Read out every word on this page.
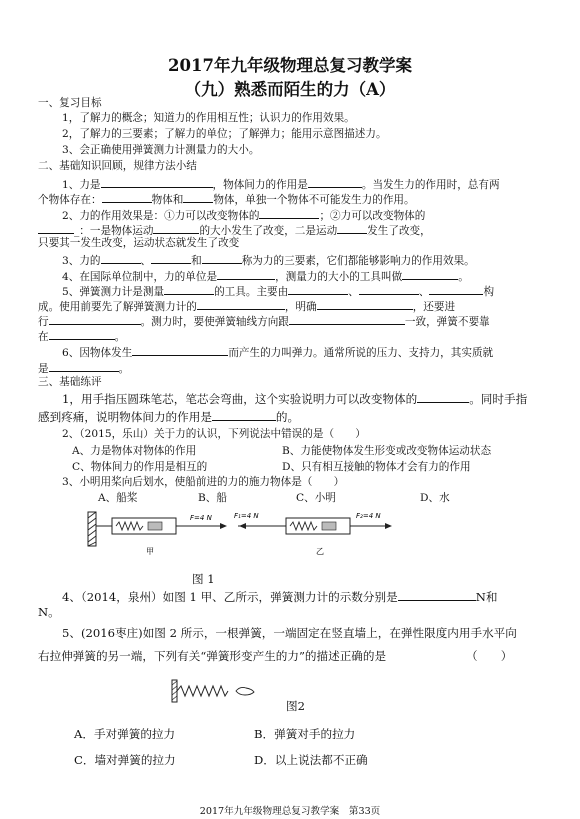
2017年九年级物理总复习教学案
（九）熟悉而陌生的力（A）
一、复习目标
1，了解力的概念；知道力的作用相互性；认识力的作用效果。
2，了解力的三要素；了解力的单位；了解弹力；能用示意图描述力。
3、会正确使用弹簧测力计测量力的大小。
二、基础知识回顾，规律方法小结
1、力是	，物体间力的作用是	。当发生力的作用时，总有两
个物体存在：	物体和	物体，单独一个物体不可能发生力的作用。
2、力的作用效果是：①力可以改变物体的	；②力可以改变物体的
_：一是物体运动	的大小发生了改变，二是运动	发生了改变，
只要其一发生改变，运动状态就发生了改变
3、力的	、	和	称为力的三要素，它们都能够影响力的作用效果。
4、在国际单位制中，力的单位是	，测量力的大小的工具叫做	。
5、弹簧测力计是测量	的工具。主要由	、	、	构
成。使用前要先了解弹簧测力计的	，明确	，还要进
行	。测力时，要使弹簧轴线方向跟	一致，弹簧不要靠
在	。
6、因物体发生	而产生的力叫弹力。通常所说的压力、支持力，其实质就
是	。
三、基础练评
1，用手指压圆珠笔芯，笔芯会弯曲，这个实验说明力可以改变物体的	。同时手指
感到疼痛，说明物体间力的作用是	的。
2、（2015，乐山）关于力的认识，下列说法中错误的是（　　）
A、力是物体对物体的作用	B、力能使物体发生形变或改变物体运动状态
C、物体间力的作用是相互的	D、只有相互接触的物体才会有力的作用
3、小明用桨向后划水，使船前进的力的施力物体是（　　）
A、船桨	B、船	C、小明	D、水
F=4 N
甲
F₁=4 N	F₂=4 N
乙
图 1
4、（2014，泉州）如图 1 甲、乙所示，弹簧测力计的示数分别是	N和
N。
5、(2016枣庄)如图 2 所示，一根弹簧，一端固定在竖直墙上，在弹性限度内用手水平向
右拉伸弹簧的另一端，下列有关“弹簧形变产生的力”的描述正确的是	（　　）
图2
A．手对弹簧的拉力	B．弹簧对手的拉力
C．墙对弹簧的拉力	D．以上说法都不正确
2017年九年级物理总复习教学案　第33页
